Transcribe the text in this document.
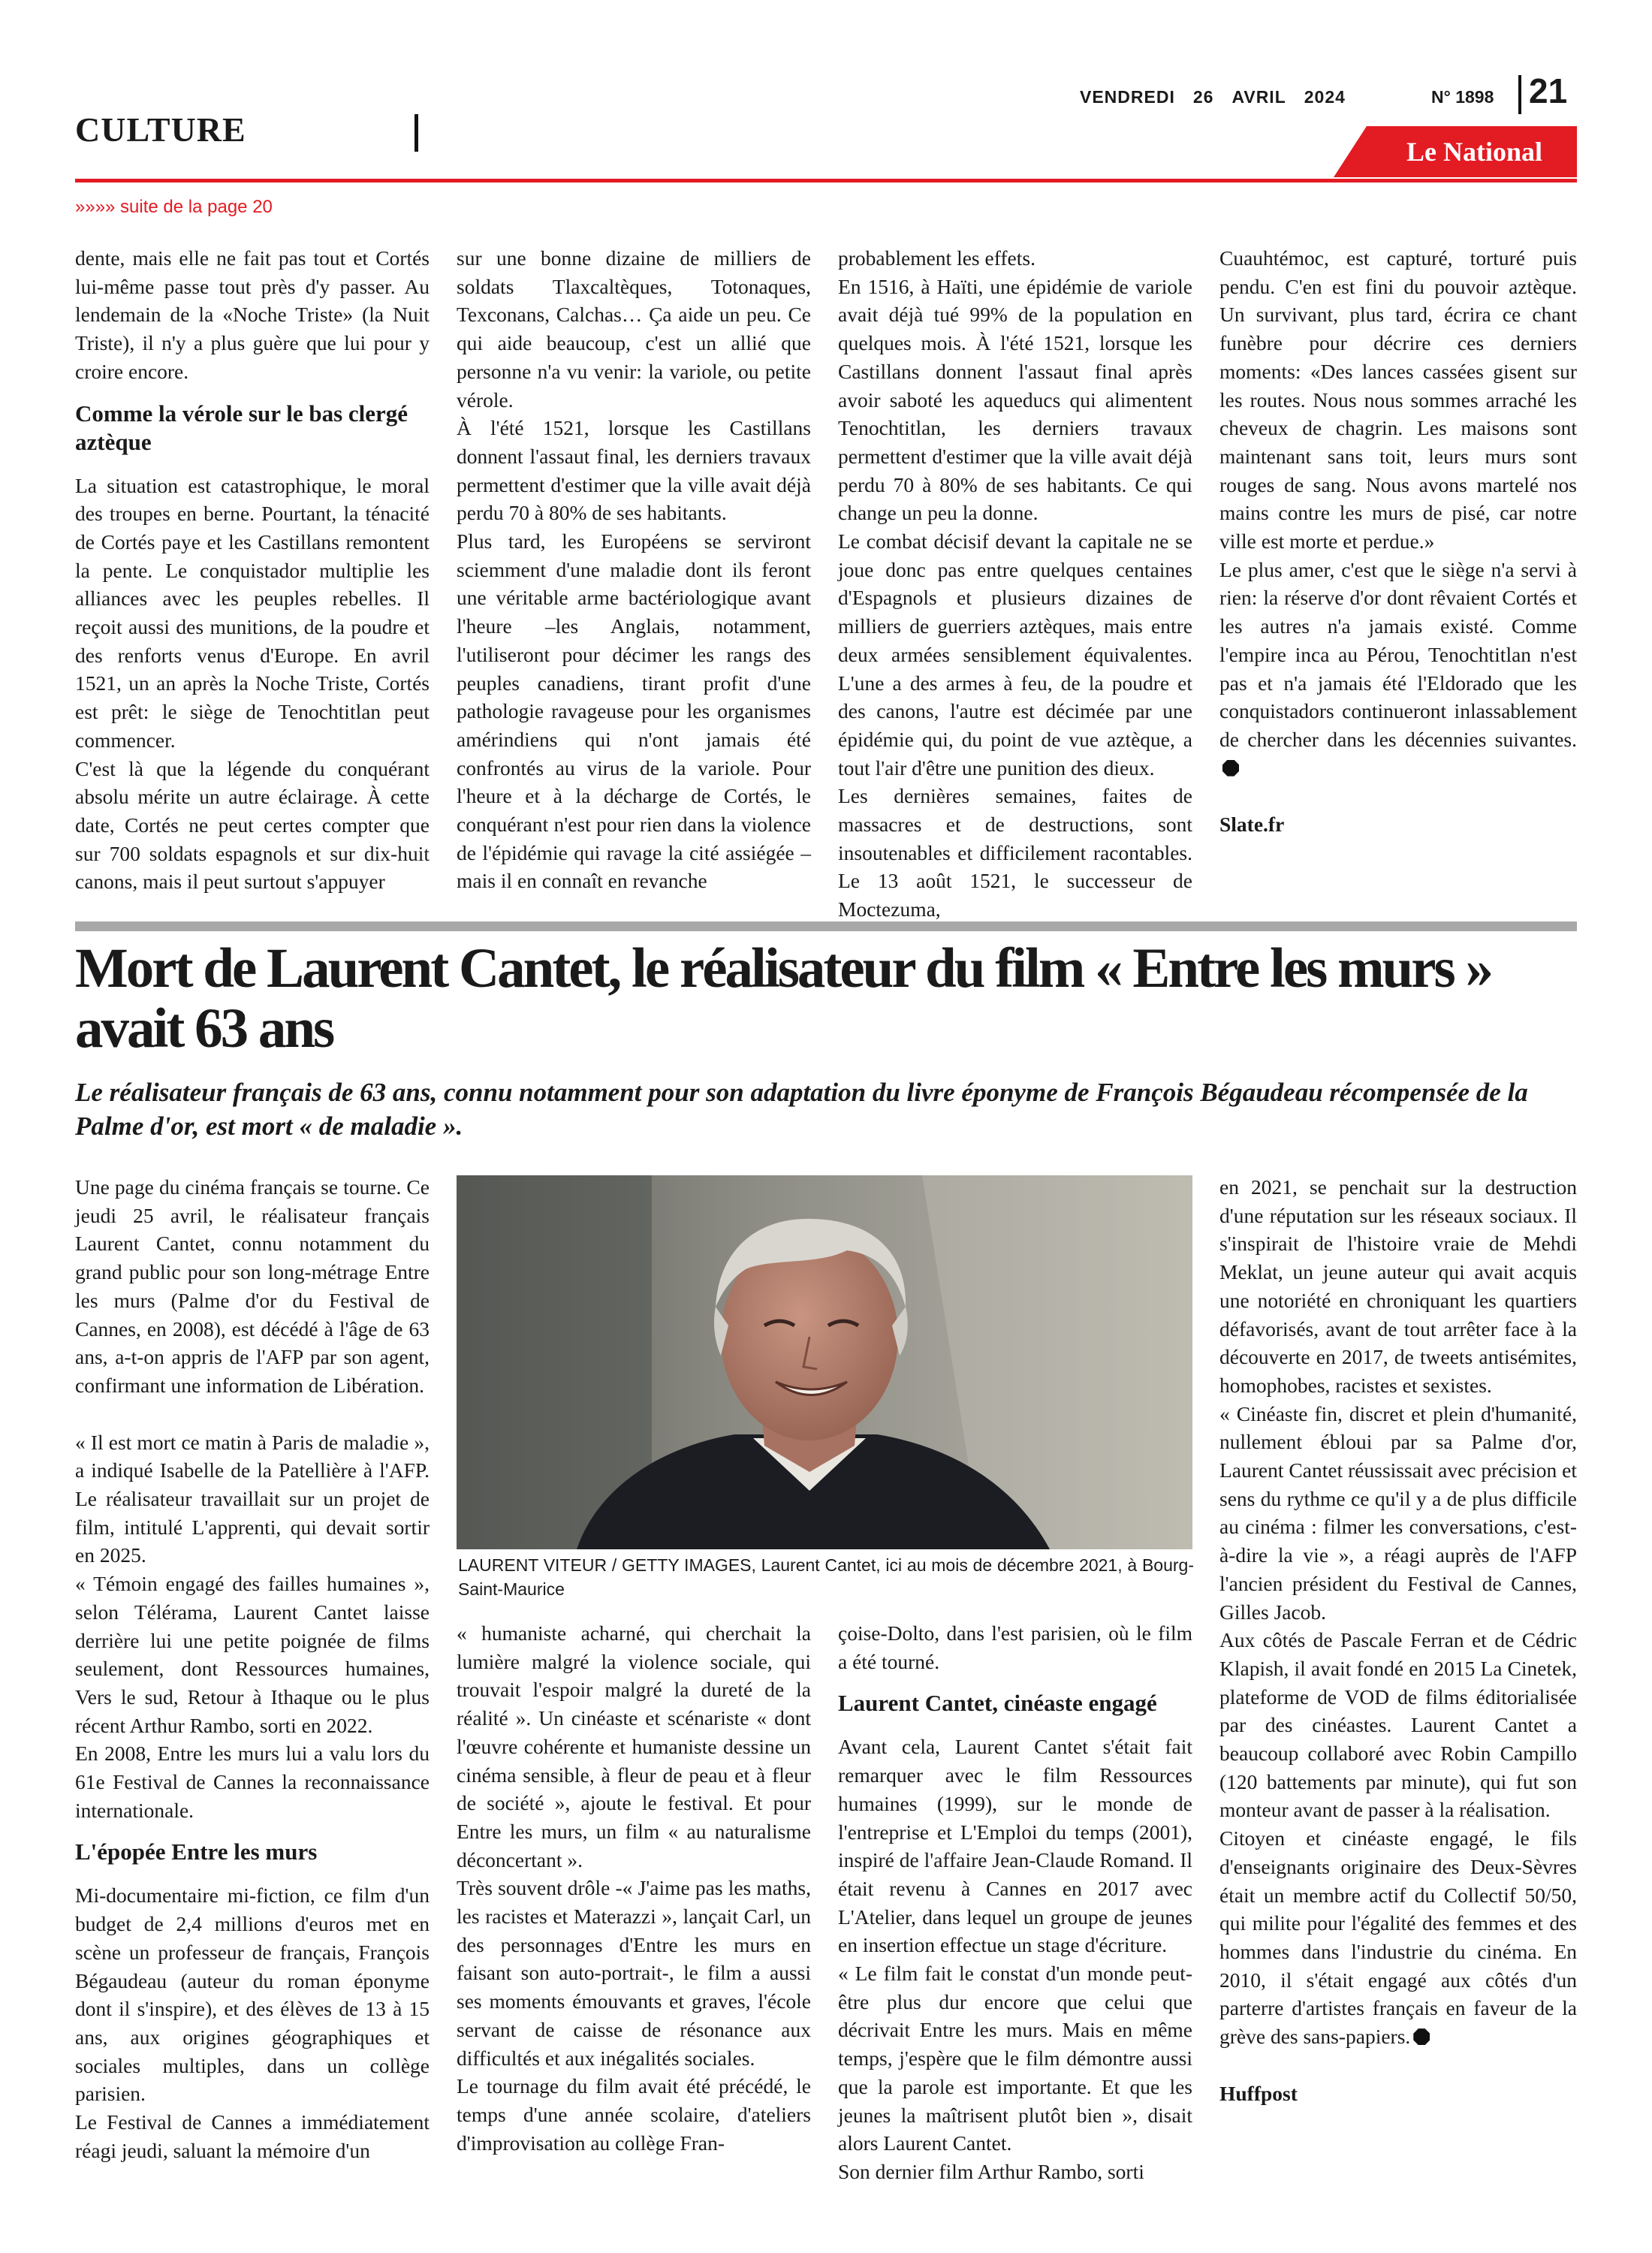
CULTURE
VENDREDI 26 AVRIL 2024	N° 1898 21
Le National
»»»» suite de la page 20

dente, mais elle ne fait pas tout et Cortés lui-même passe tout près d'y passer. Au lendemain de la «Noche Triste» (la Nuit Triste), il n'y a plus guère que lui pour y croire encore.

Comme la vérole sur le bas clergé aztèque

La situation est catastrophique, le moral des troupes en berne. Pourtant, la ténacité de Cortés paye et les Castillans remontent la pente. Le conquistador multiplie les alliances avec les peuples rebelles. Il reçoit aussi des munitions, de la poudre et des renforts venus d'Europe. En avril 1521, un an après la Noche Triste, Cortés est prêt: le siège de Tenochtitlan peut commencer.

C'est là que la légende du conquérant absolu mérite un autre éclairage. À cette date, Cortés ne peut certes compter que sur 700 soldats espagnols et sur dix-huit canons, mais il peut surtout s'appuyer

sur une bonne dizaine de milliers de soldats Tlaxcaltèques, Totonaques, Texconans, Calchas… Ça aide un peu. Ce qui aide beaucoup, c'est un allié que personne n'a vu venir: la variole, ou petite vérole.

À l'été 1521, lorsque les Castillans donnent l'assaut final, les derniers travaux permettent d'estimer que la ville avait déjà perdu 70 à 80% de ses habitants.

Plus tard, les Européens se serviront sciemment d'une maladie dont ils feront une véritable arme bactériologique avant l'heure –les Anglais, notamment, l'utiliseront pour décimer les rangs des peuples canadiens, tirant profit d'une pathologie ravageuse pour les organismes amérindiens qui n'ont jamais été confrontés au virus de la variole. Pour l'heure et à la décharge de Cortés, le conquérant n'est pour rien dans la violence de l'épidémie qui ravage la cité assiégée –mais il en connaît en revanche

probablement les effets.

En 1516, à Haïti, une épidémie de variole avait déjà tué 99% de la population en quelques mois. À l'été 1521, lorsque les Castillans donnent l'assaut final après avoir saboté les aqueducs qui alimentent Tenochtitlan, les derniers travaux permettent d'estimer que la ville avait déjà perdu 70 à 80% de ses habitants. Ce qui change un peu la donne.

Le combat décisif devant la capitale ne se joue donc pas entre quelques centaines d'Espagnols et plusieurs dizaines de milliers de guerriers aztèques, mais entre deux armées sensiblement équivalentes. L'une a des armes à feu, de la poudre et des canons, l'autre est décimée par une épidémie qui, du point de vue aztèque, a tout l'air d'être une punition des dieux.

Les dernières semaines, faites de massacres et de destructions, sont insoutenables et difficilement racontables. Le 13 août 1521, le successeur de Moctezuma,

Cuauhtémoc, est capturé, torturé puis pendu. C'en est fini du pouvoir aztèque. Un survivant, plus tard, écrira ce chant funèbre pour décrire ces derniers moments: «Des lances cassées gisent sur les routes. Nous nous sommes arraché les cheveux de chagrin. Les maisons sont maintenant sans toit, leurs murs sont rouges de sang. Nous avons martelé nos mains contre les murs de pisé, car notre ville est morte et perdue.»

Le plus amer, c'est que le siège n'a servi à rien: la réserve d'or dont rêvaient Cortés et les autres n'a jamais existé. Comme l'empire inca au Pérou, Tenochtitlan n'est pas et n'a jamais été l'Eldorado que les conquistadors continueront inlassablement de chercher dans les décennies suivantes.

Slate.fr

Mort de Laurent Cantet, le réalisateur du film « Entre les murs » avait 63 ans

Le réalisateur français de 63 ans, connu notamment pour son adaptation du livre éponyme de François Bégaudeau récompensée de la Palme d'or, est mort « de maladie ».

LAURENT VITEUR / GETTY IMAGES, Laurent Cantet, ici au mois de décembre 2021, à Bourg-Saint-Maurice

Une page du cinéma français se tourne. Ce jeudi 25 avril, le réalisateur français Laurent Cantet, connu notamment du grand public pour son long-métrage Entre les murs (Palme d'or du Festival de Cannes, en 2008), est décédé à l'âge de 63 ans, a-t-on appris de l'AFP par son agent, confirmant une information de Libération.

« Il est mort ce matin à Paris de maladie », a indiqué Isabelle de la Patellière à l'AFP. Le réalisateur travaillait sur un projet de film, intitulé L'apprenti, qui devait sortir en 2025.

« Témoin engagé des failles humaines », selon Télérama, Laurent Cantet laisse derrière lui une petite poignée de films seulement, dont Ressources humaines, Vers le sud, Retour à Ithaque ou le plus récent Arthur Rambo, sorti en 2022.

En 2008, Entre les murs lui a valu lors du 61e Festival de Cannes la reconnaissance internationale.

L'épopée Entre les murs

Mi-documentaire mi-fiction, ce film d'un budget de 2,4 millions d'euros met en scène un professeur de français, François Bégaudeau (auteur du roman éponyme dont il s'inspire), et des élèves de 13 à 15 ans, aux origines géographiques et sociales multiples, dans un collège parisien.

Le Festival de Cannes a immédiatement réagi jeudi, saluant la mémoire d'un

« humaniste acharné, qui cherchait la lumière malgré la violence sociale, qui trouvait l'espoir malgré la dureté de la réalité ». Un cinéaste et scénariste « dont l'œuvre cohérente et humaniste dessine un cinéma sensible, à fleur de peau et à fleur de société », ajoute le festival. Et pour Entre les murs, un film « au naturalisme déconcertant ».

Très souvent drôle -« J'aime pas les maths, les racistes et Materazzi », lançait Carl, un des personnages d'Entre les murs en faisant son auto-portrait-, le film a aussi ses moments émouvants et graves, l'école servant de caisse de résonance aux difficultés et aux inégalités sociales.

Le tournage du film avait été précédé, le temps d'une année scolaire, d'ateliers d'improvisation au collège Fran-

çoise-Dolto, dans l'est parisien, où le film a été tourné.

Laurent Cantet, cinéaste engagé

Avant cela, Laurent Cantet s'était fait remarquer avec le film Ressources humaines (1999), sur le monde de l'entreprise et L'Emploi du temps (2001), inspiré de l'affaire Jean-Claude Romand. Il était revenu à Cannes en 2017 avec L'Atelier, dans lequel un groupe de jeunes en insertion effectue un stage d'écriture.

« Le film fait le constat d'un monde peut-être plus dur encore que celui que décrivait Entre les murs. Mais en même temps, j'espère que le film démontre aussi que la parole est importante. Et que les jeunes la maîtrisent plutôt bien », disait alors Laurent Cantet.

Son dernier film Arthur Rambo, sorti

en 2021, se penchait sur la destruction d'une réputation sur les réseaux sociaux. Il s'inspirait de l'histoire vraie de Mehdi Meklat, un jeune auteur qui avait acquis une notoriété en chroniquant les quartiers défavorisés, avant de tout arrêter face à la découverte en 2017, de tweets antisémites, homophobes, racistes et sexistes.

« Cinéaste fin, discret et plein d'humanité, nullement ébloui par sa Palme d'or, Laurent Cantet réussissait avec précision et sens du rythme ce qu'il y a de plus difficile au cinéma : filmer les conversations, c'est-à-dire la vie », a réagi auprès de l'AFP l'ancien président du Festival de Cannes, Gilles Jacob.

Aux côtés de Pascale Ferran et de Cédric Klapish, il avait fondé en 2015 La Cinetek, plateforme de VOD de films éditorialisée par des cinéastes. Laurent Cantet a beaucoup collaboré avec Robin Campillo (120 battements par minute), qui fut son monteur avant de passer à la réalisation.

Citoyen et cinéaste engagé, le fils d'enseignants originaire des Deux-Sèvres était un membre actif du Collectif 50/50, qui milite pour l'égalité des femmes et des hommes dans l'industrie du cinéma. En 2010, il s'était engagé aux côtés d'un parterre d'artistes français en faveur de la grève des sans-papiers.

Huffpost
